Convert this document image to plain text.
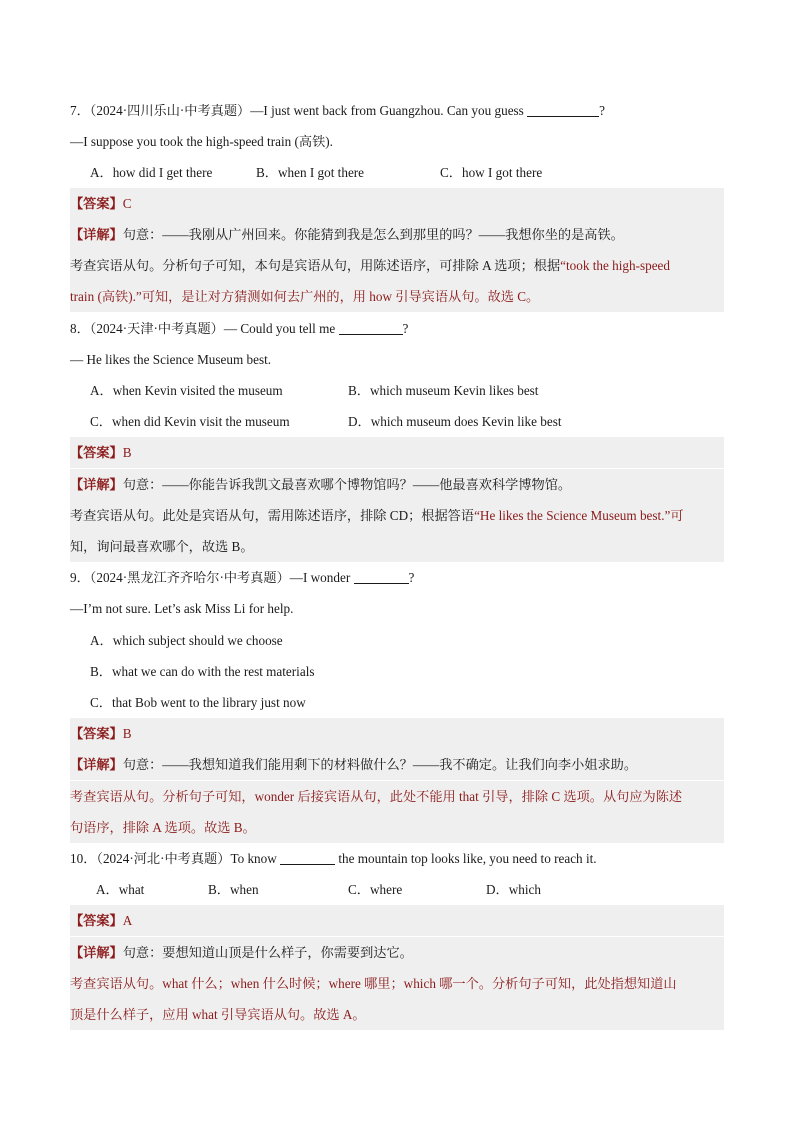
7．（2024·四川乐山·中考真题）—I just went back from Guangzhou. Can you guess	?
—I suppose you took the high-speed train (高铁).
A．how did I get there	B．when I got there	C．how I got there
【答案】C
【详解】句意：——我刚从广州回来。你能猜到我是怎么到那里的吗？——我想你坐的是高铁。
考查宾语从句。分析句子可知，本句是宾语从句，用陈述语序，可排除 A 选项；根据“took the high-speed
train (高铁).”可知，是让对方猜测如何去广州的，用 how 引导宾语从句。故选 C。
8．（2024·天津·中考真题）— Could you tell me	?
— He likes the Science Museum best.
A．when Kevin visited the museum	B．which museum Kevin likes best
C．when did Kevin visit the museum	D．which museum does Kevin like best
【答案】B
【详解】句意：——你能告诉我凯文最喜欢哪个博物馆吗？——他最喜欢科学博物馆。
考查宾语从句。此处是宾语从句，需用陈述语序，排除 CD；根据答语“He likes the Science Museum best.”可
知，询问最喜欢哪个，故选 B。
9．（2024·黑龙江齐齐哈尔·中考真题）—I wonder	?
—I’m not sure. Let’s ask Miss Li for help.
A．which subject should we choose
B．what we can do with the rest materials
C．that Bob went to the library just now
【答案】B
【详解】句意：——我想知道我们能用剩下的材料做什么？——我不确定。让我们向李小姐求助。
考查宾语从句。分析句子可知，wonder 后接宾语从句，此处不能用 that 引导，排除 C 选项。从句应为陈述
句语序，排除 A 选项。故选 B。
10．（2024·河北·中考真题）To know	the mountain top looks like, you need to reach it.
A．what	B．when	C．where	D．which
【答案】A
【详解】句意：要想知道山顶是什么样子，你需要到达它。
考查宾语从句。what 什么；when 什么时候；where 哪里；which 哪一个。分析句子可知，此处指想知道山
顶是什么样子，应用 what 引导宾语从句。故选 A。
